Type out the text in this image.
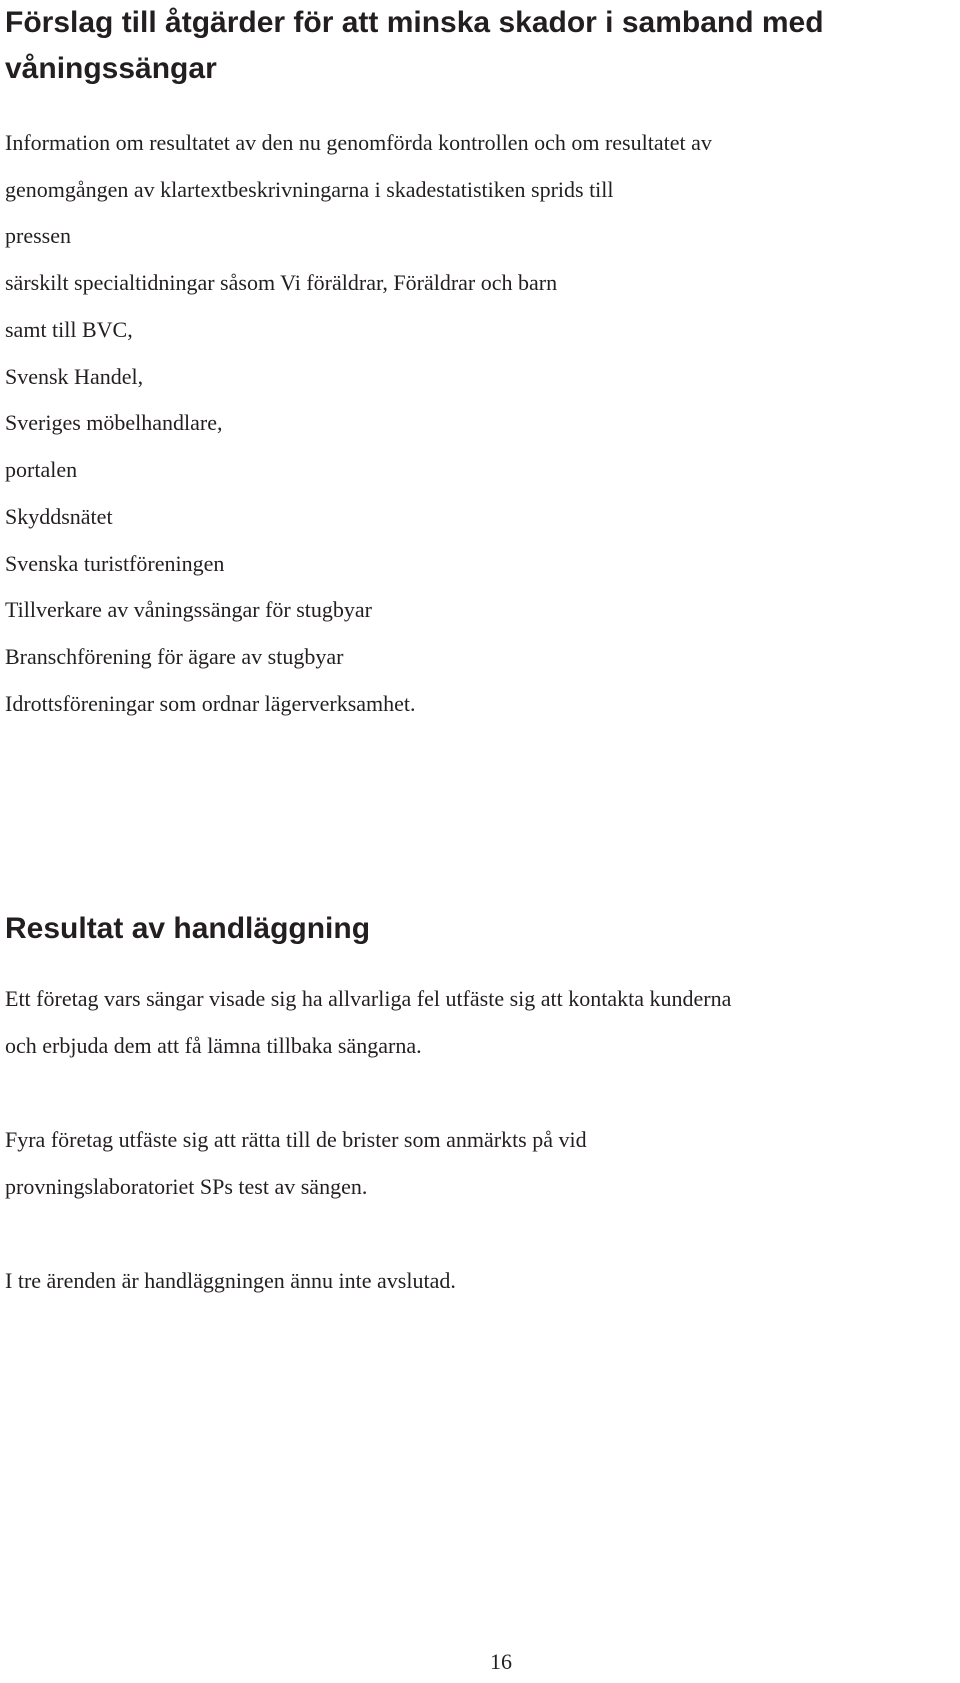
Förslag till åtgärder för att minska skador i samband med våningssängar

Information om resultatet av den nu genomförda kontrollen och om resultatet av

genomgången av klartextbeskrivningarna i skadestatistiken sprids till

pressen

särskilt specialtidningar såsom Vi föräldrar, Föräldrar och barn

samt till BVC,

Svensk Handel,

Sveriges möbelhandlare,

portalen

Skyddsnätet

Svenska turistföreningen

Tillverkare av våningssängar för stugbyar

Branschförening för ägare av stugbyar

Idrottsföreningar som ordnar lägerverksamhet.

Resultat av handläggning

Ett företag vars sängar visade sig ha allvarliga fel utfäste sig att kontakta kunderna

och erbjuda dem att få lämna tillbaka sängarna.

Fyra företag utfäste sig att rätta till de brister som anmärkts på vid

provningslaboratoriet SPs test av sängen.

I tre ärenden är handläggningen ännu inte avslutad.

16
